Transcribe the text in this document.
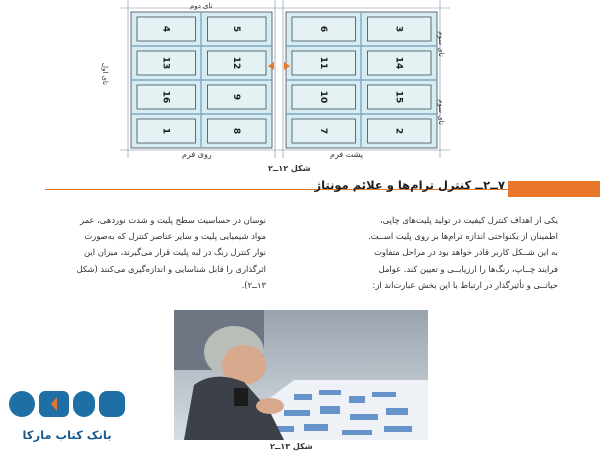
4	5
13	12
16	9
1	8
6	3
11	14
10	15
7	2
تای دوم
تای اول
تای سوم
تای سوم
روی فرم	پشت فرم
شکل ۱۲ــ۲
۷ــ۲ــ کنترل ترام‌ها و علائم مونتاژ
یکی از اهداف کنترل کیفیت در تولید پلیت‌های چاپی،
اطمینان از یکنواختی اندازه ترام‌ها بر روی پلیت اســت.
به این شــکل کاربر قادر خواهد بود در مراحل متفاوت
فرایند چــاپ، رنگ‌ها را ارزیابــی و تعیین کند. عوامل
حیاتــی و تأثیرگذار در ارتباط با این بخش عبارت‌اند از:
نوسان در حساسیت سطح پلیت و شدت نوردهی، عمر
مواد شیمیایی پلیت و سایر عناصر کنترل که به‌صورت
نوار کنترل رنگ در لبه پلیت قرار می‌گیرند، میزان این
اثرگذاری را قابل شناسایی و اندازه‌گیری می‌کنند (شکل
۱۳ــ۲).
شکل ۱۳ــ۲
بانک کتاب مارکا
